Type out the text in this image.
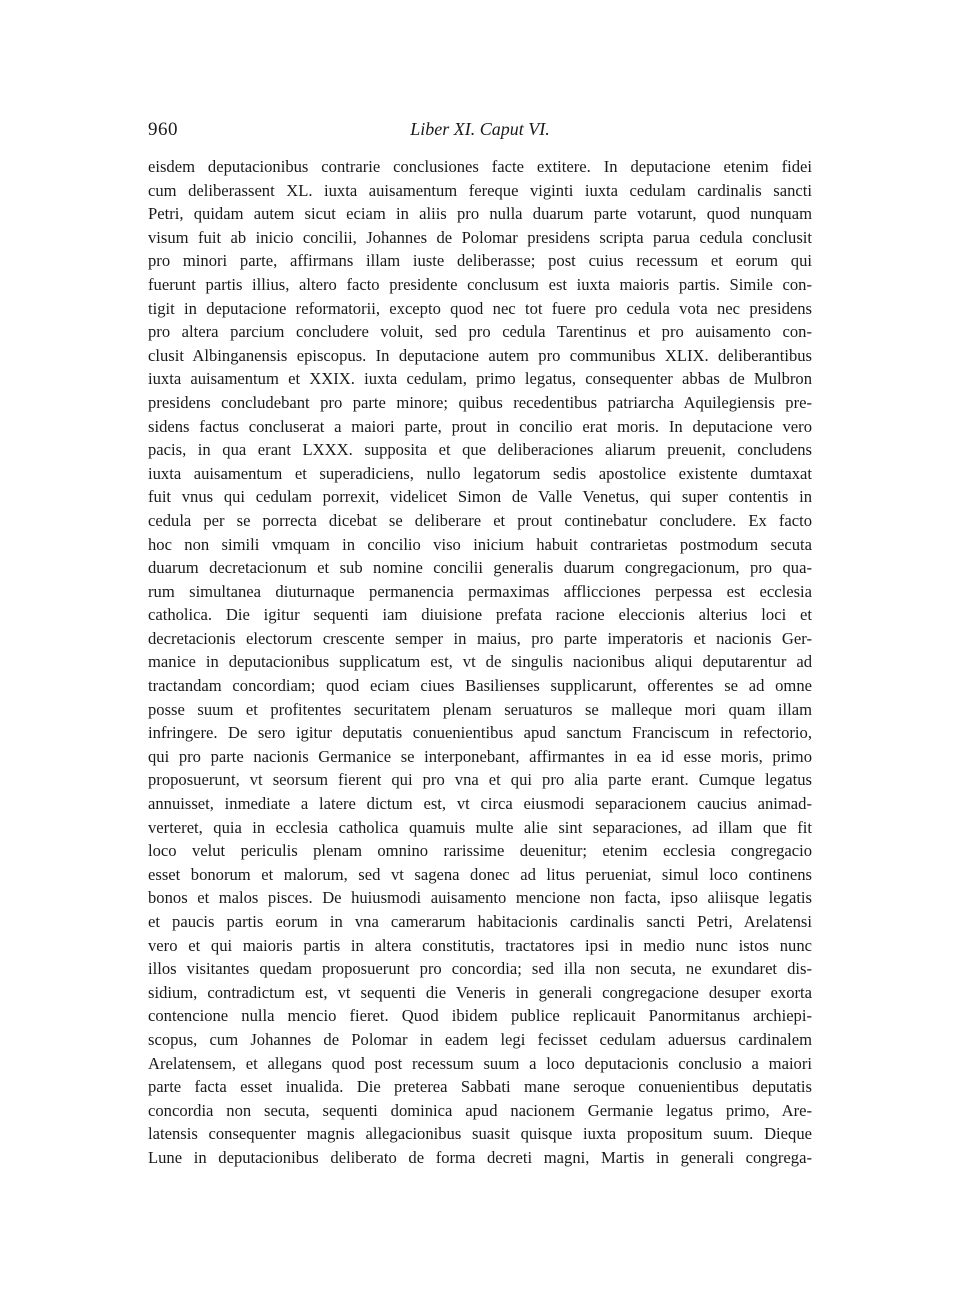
960	Liber XI. Caput VI.
eisdem deputacionibus contrarie conclusiones facte extitere. In deputacione etenim fidei
cum deliberassent XL. iuxta auisamentum fereque viginti iuxta cedulam cardinalis sancti
Petri, quidam autem sicut eciam in aliis pro nulla duarum parte votarunt, quod nunquam
visum fuit ab inicio concilii, Johannes de Polomar presidens scripta parua cedula conclusit
pro minori parte, affirmans illam iuste deliberasse; post cuius recessum et eorum qui
fuerunt partis illius, altero facto presidente conclusum est iuxta maioris partis. Simile con-
tigit in deputacione reformatorii, excepto quod nec tot fuere pro cedula vota nec presidens
pro altera parcium concludere voluit, sed pro cedula Tarentinus et pro auisamento con-
clusit Albinganensis episcopus. In deputacione autem pro communibus XLIX. deliberantibus
iuxta auisamentum et XXIX. iuxta cedulam, primo legatus, consequenter abbas de Mulbron
presidens concludebant pro parte minore; quibus recedentibus patriarcha Aquilegiensis pre-
sidens factus concluserat a maiori parte, prout in concilio erat moris. In deputacione vero
pacis, in qua erant LXXX. supposita et que deliberaciones aliarum preuenit, concludens
iuxta auisamentum et superadiciens, nullo legatorum sedis apostolice existente dumtaxat
fuit vnus qui cedulam porrexit, videlicet Simon de Valle Venetus, qui super contentis in
cedula per se porrecta dicebat se deliberare et prout continebatur concludere. Ex facto
hoc non simili vmquam in concilio viso inicium habuit contrarietas postmodum secuta
duarum decretacionum et sub nomine concilii generalis duarum congregacionum, pro qua-
rum simultanea diuturnaque permanencia permaximas afflicciones perpessa est ecclesia
catholica. Die igitur sequenti iam diuisione prefata racione eleccionis alterius loci et
decretacionis electorum crescente semper in maius, pro parte imperatoris et nacionis Ger-
manice in deputacionibus supplicatum est, vt de singulis nacionibus aliqui deputarentur ad
tractandam concordiam; quod eciam ciues Basilienses supplicarunt, offerentes se ad omne
posse suum et profitentes securitatem plenam seruaturos se malleque mori quam illam
infringere. De sero igitur deputatis conuenientibus apud sanctum Franciscum in refectorio,
qui pro parte nacionis Germanice se interponebant, affirmantes in ea id esse moris, primo
proposuerunt, vt seorsum fierent qui pro vna et qui pro alia parte erant. Cumque legatus
annuisset, inmediate a latere dictum est, vt circa eiusmodi separacionem caucius animad-
verteret, quia in ecclesia catholica quamuis multe alie sint separaciones, ad illam que fit
loco velut periculis plenam omnino rarissime deuenitur; etenim ecclesia congregacio
esset bonorum et malorum, sed vt sagena donec ad litus perueniat, simul loco continens
bonos et malos pisces. De huiusmodi auisamento mencione non facta, ipso aliisque legatis
et paucis partis eorum in vna camerarum habitacionis cardinalis sancti Petri, Arelatensi
vero et qui maioris partis in altera constitutis, tractatores ipsi in medio nunc istos nunc
illos visitantes quedam proposuerunt pro concordia; sed illa non secuta, ne exundaret dis-
sidium, contradictum est, vt sequenti die Veneris in generali congregacione desuper exorta
contencione nulla mencio fieret. Quod ibidem publice replicauit Panormitanus archiepi-
scopus, cum Johannes de Polomar in eadem legi fecisset cedulam aduersus cardinalem
Arelatensem, et allegans quod post recessum suum a loco deputacionis conclusio a maiori
parte facta esset inualida. Die preterea Sabbati mane seroque conuenientibus deputatis
concordia non secuta, sequenti dominica apud nacionem Germanie legatus primo, Are-
latensis consequenter magnis allegacionibus suasit quisque iuxta propositum suum. Dieque
Lune in deputacionibus deliberato de forma decreti magni, Martis in generali congrega-
